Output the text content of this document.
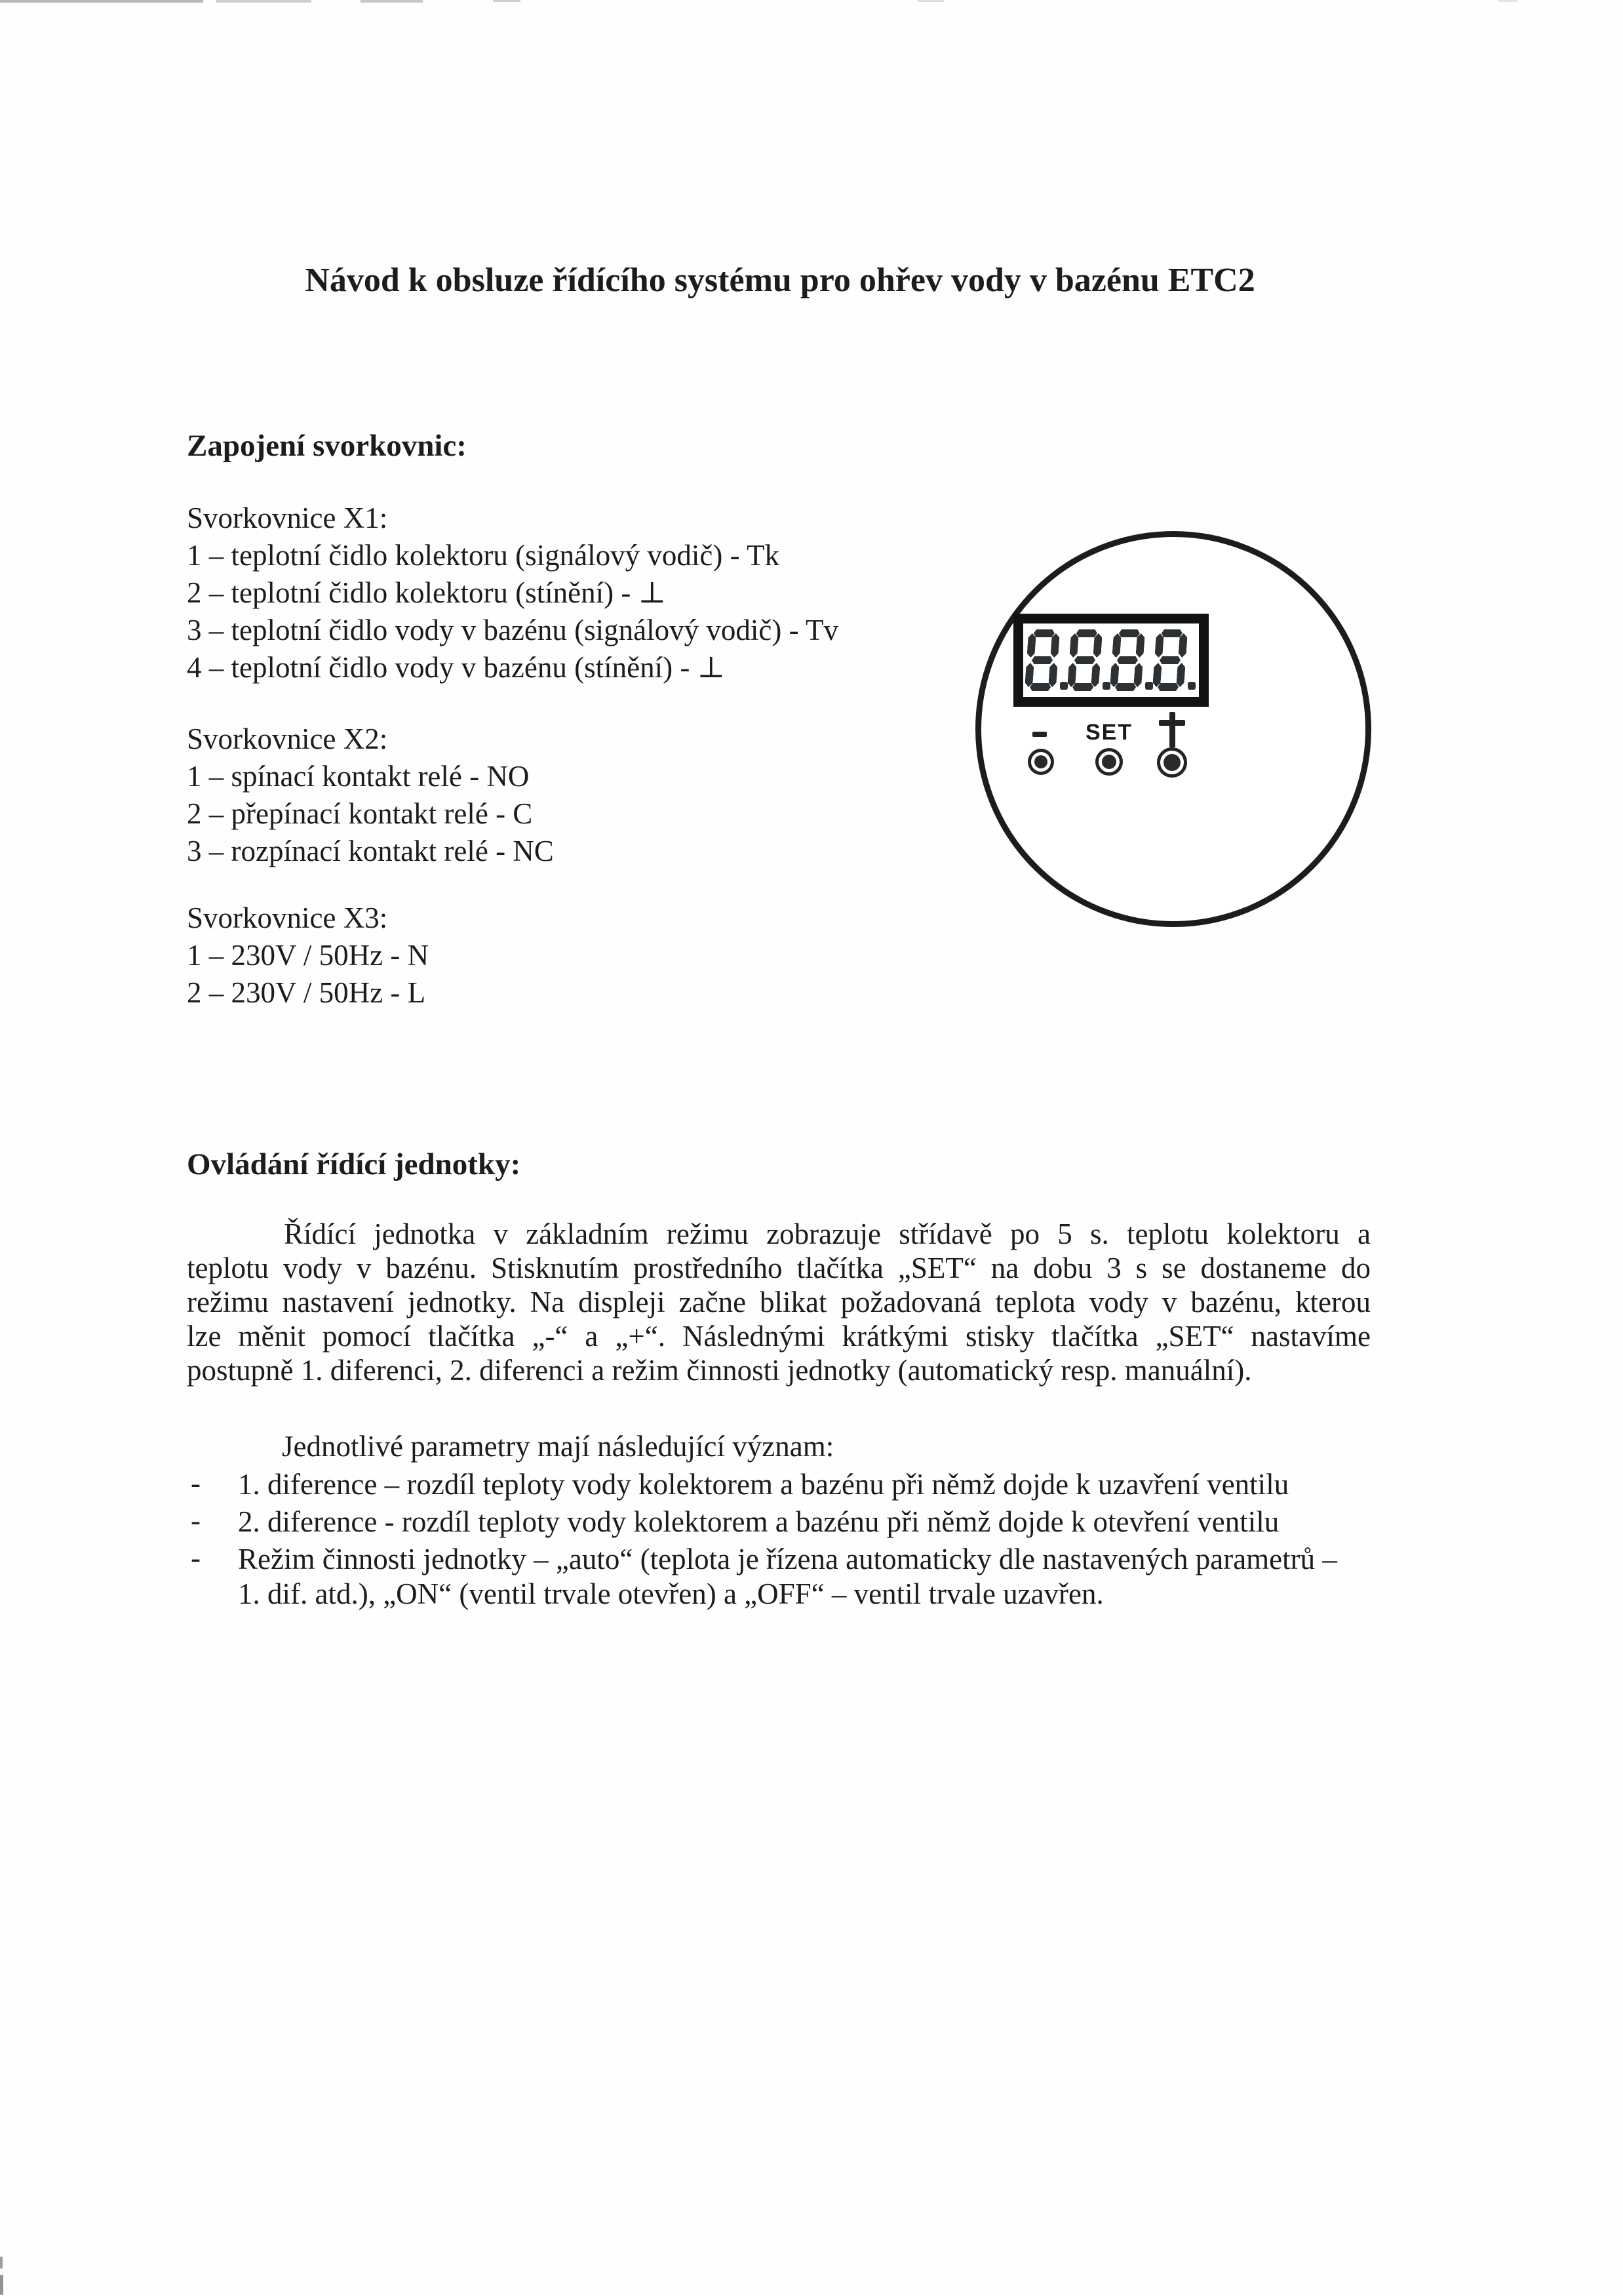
Návod k obsluze řídícího systému pro ohřev vody v bazénu ETC2
Zapojení svorkovnic:
Svorkovnice X1:
1 – teplotní čidlo kolektoru (signálový vodič) - Tk
2 – teplotní čidlo kolektoru (stínění) - ⊥
3 – teplotní čidlo vody v bazénu (signálový vodič) - Tv
4 – teplotní čidlo vody v bazénu (stínění) - ⊥
Svorkovnice X2:
1 – spínací kontakt relé - NO
2 – přepínací kontakt relé - C
3 – rozpínací kontakt relé - NC
Svorkovnice X3:
1 – 230V / 50Hz - N
2 – 230V / 50Hz - L

SET

Ovládání řídící jednotky:
Řídící jednotka v základním režimu zobrazuje střídavě po 5 s. teplotu kolektoru a
teplotu vody v bazénu. Stisknutím prostředního tlačítka „SET“ na dobu 3 s se dostaneme do
režimu nastavení jednotky. Na displeji začne blikat požadovaná teplota vody v bazénu, kterou
lze měnit pomocí tlačítka „-“ a „+“. Následnými krátkými stisky tlačítka „SET“ nastavíme
postupně 1. diferenci, 2. diferenci a režim činnosti jednotky (automatický resp. manuální).

Jednotlivé parametry mají následující význam:

- 1. diference – rozdíl teploty vody kolektorem a bazénu při němž dojde k uzavření ventilu
- 2. diference - rozdíl teploty vody kolektorem a bazénu při němž dojde k otevření ventilu
- Režim činnosti jednotky – „auto“ (teplota je řízena automaticky dle nastavených parametrů – 1. dif. atd.), „ON“ (ventil trvale otevřen) a „OFF“ – ventil trvale uzavřen.
